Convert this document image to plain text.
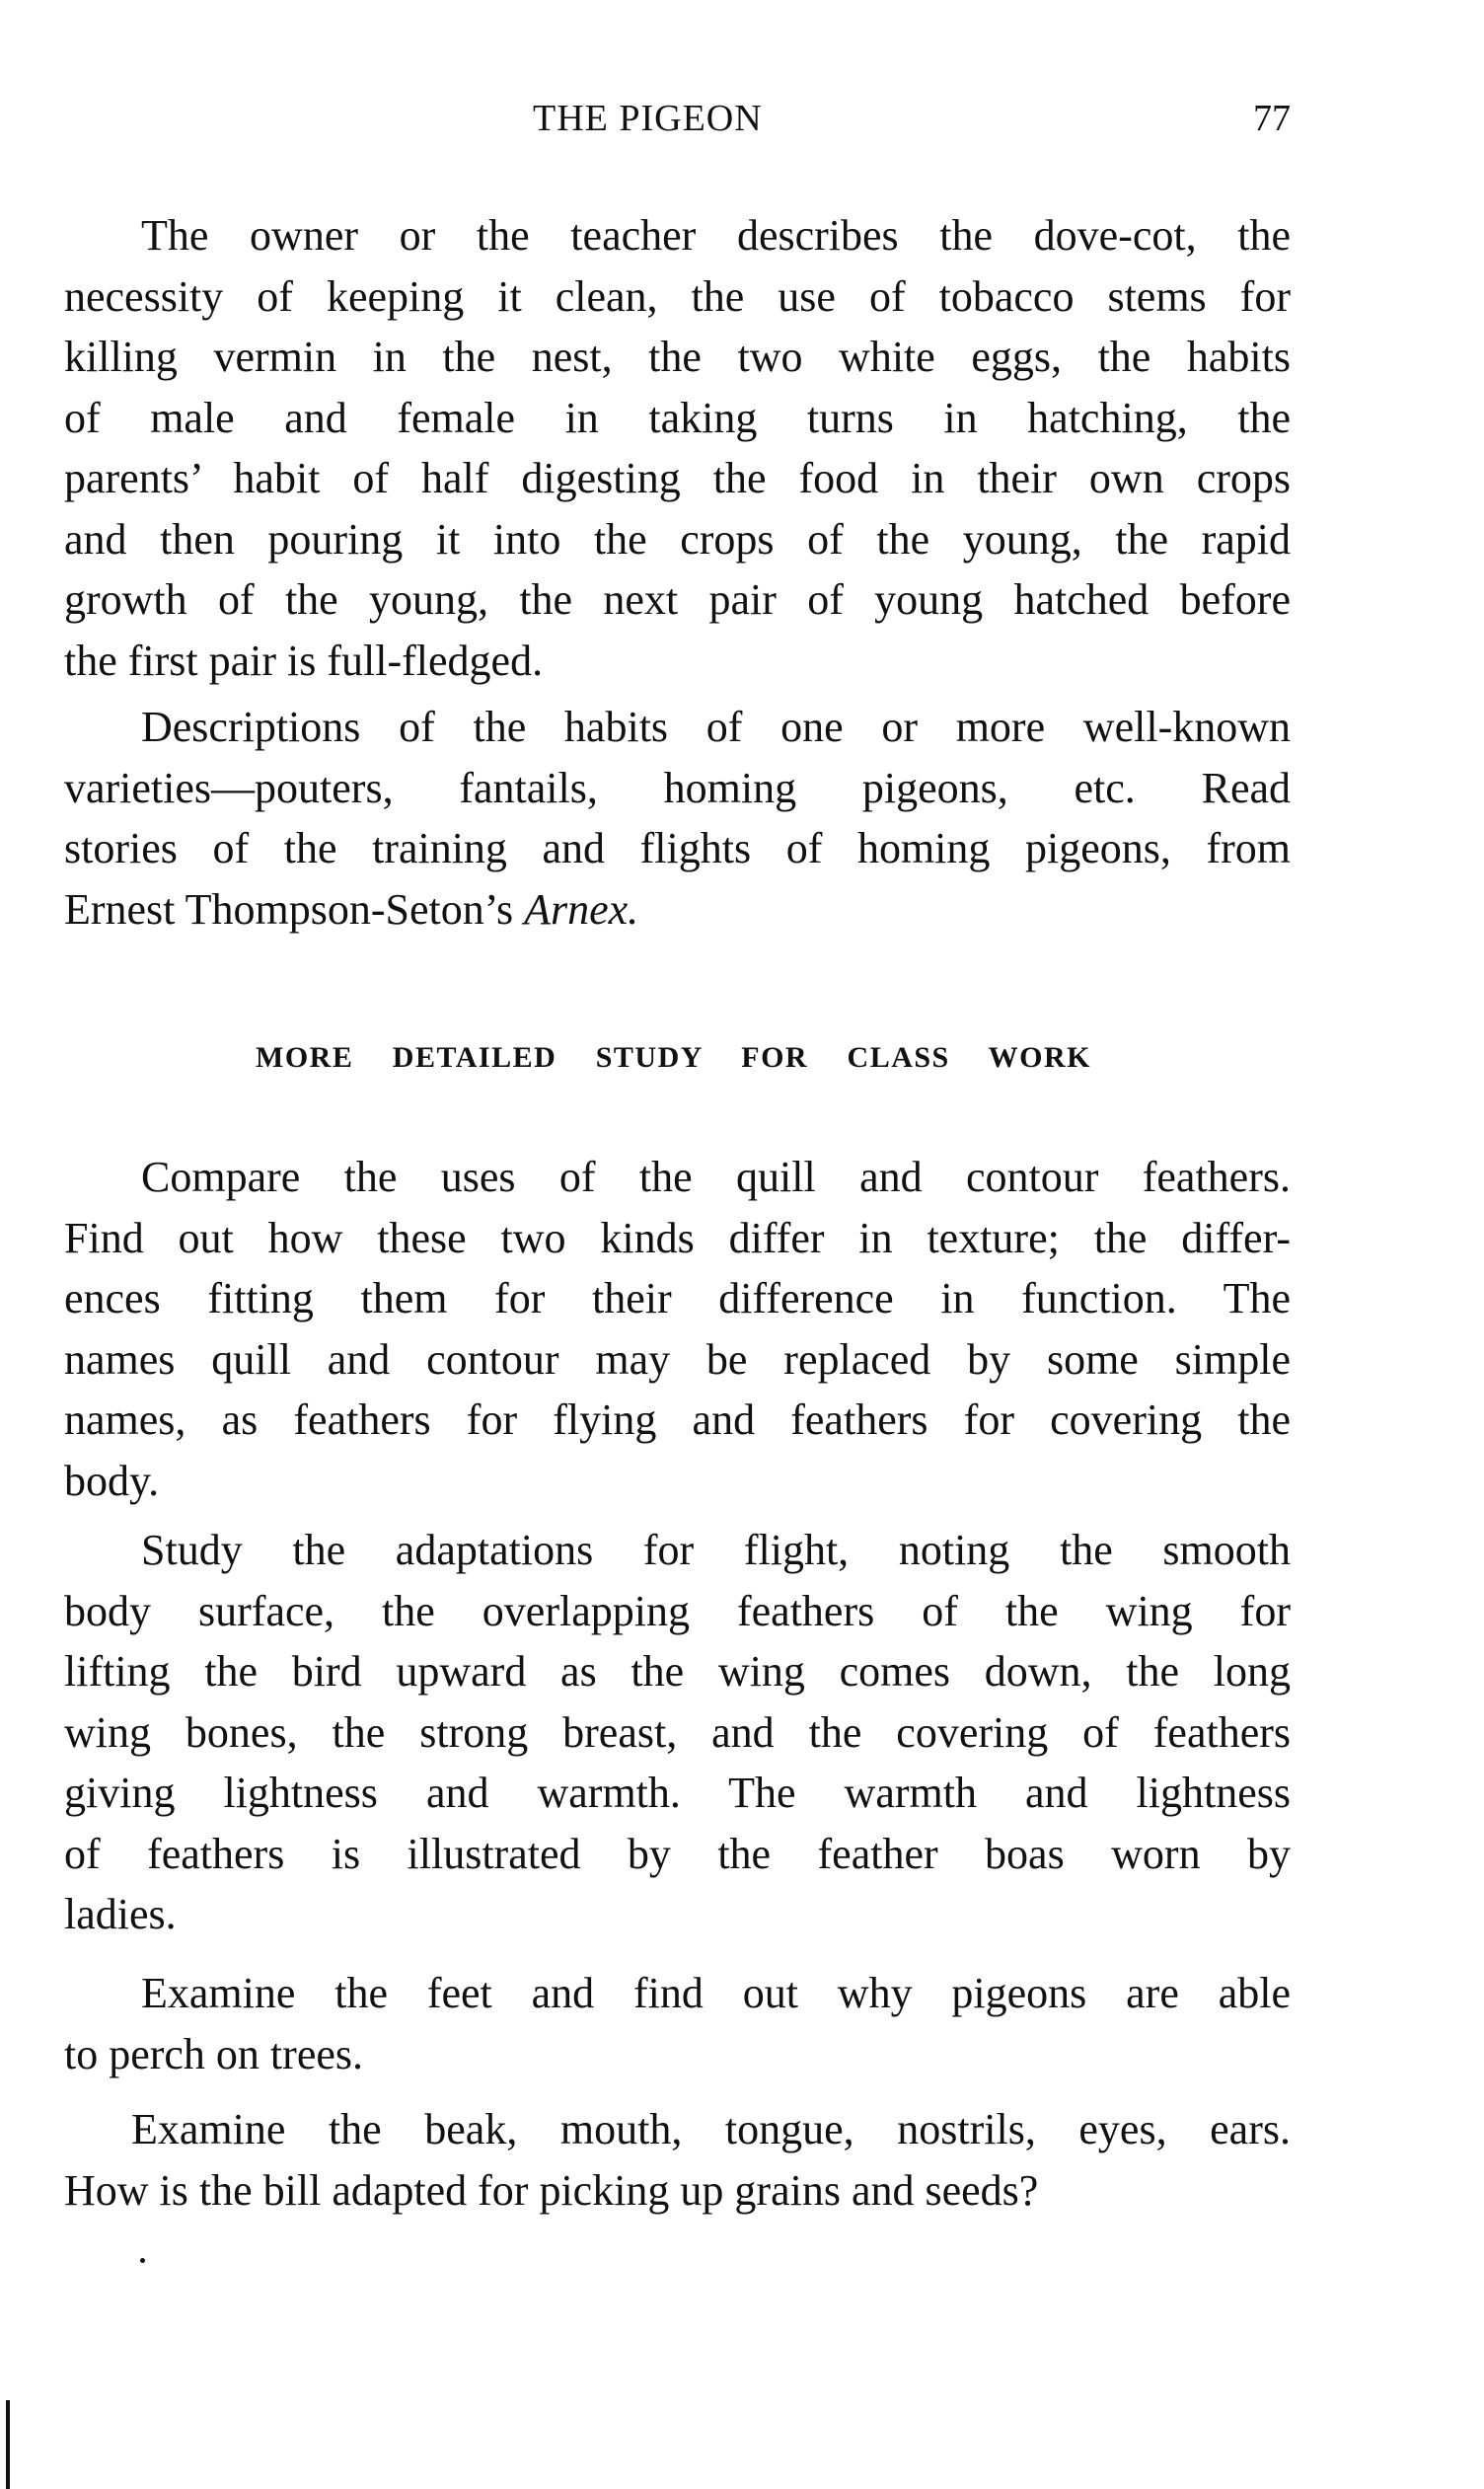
THE PIGEON	77
The owner or the teacher describes the dove-cot, the
necessity of keeping it clean, the use of tobacco stems for
killing vermin in the nest, the two white eggs, the habits
of male and female in taking turns in hatching, the
parents’ habit of half digesting the food in their own crops
and then pouring it into the crops of the young, the rapid
growth of the young, the next pair of young hatched before
the first pair is full-fledged.
Descriptions of the habits of one or more well-known
varieties—pouters, fantails, homing pigeons, etc. Read
stories of the training and flights of homing pigeons, from
Ernest Thompson-Seton’s Arnex.
MORE DETAILED STUDY FOR CLASS WORK
Compare the uses of the quill and contour feathers.
Find out how these two kinds differ in texture; the differ-
ences fitting them for their difference in function. The
names quill and contour may be replaced by some simple
names, as feathers for flying and feathers for covering the
body.
Study the adaptations for flight, noting the smooth
body surface, the overlapping feathers of the wing for
lifting the bird upward as the wing comes down, the long
wing bones, the strong breast, and the covering of feathers
giving lightness and warmth. The warmth and lightness
of feathers is illustrated by the feather boas worn by
ladies.
Examine the feet and find out why pigeons are able
to perch on trees.
Examine the beak, mouth, tongue, nostrils, eyes, ears.
How is the bill adapted for picking up grains and seeds?
